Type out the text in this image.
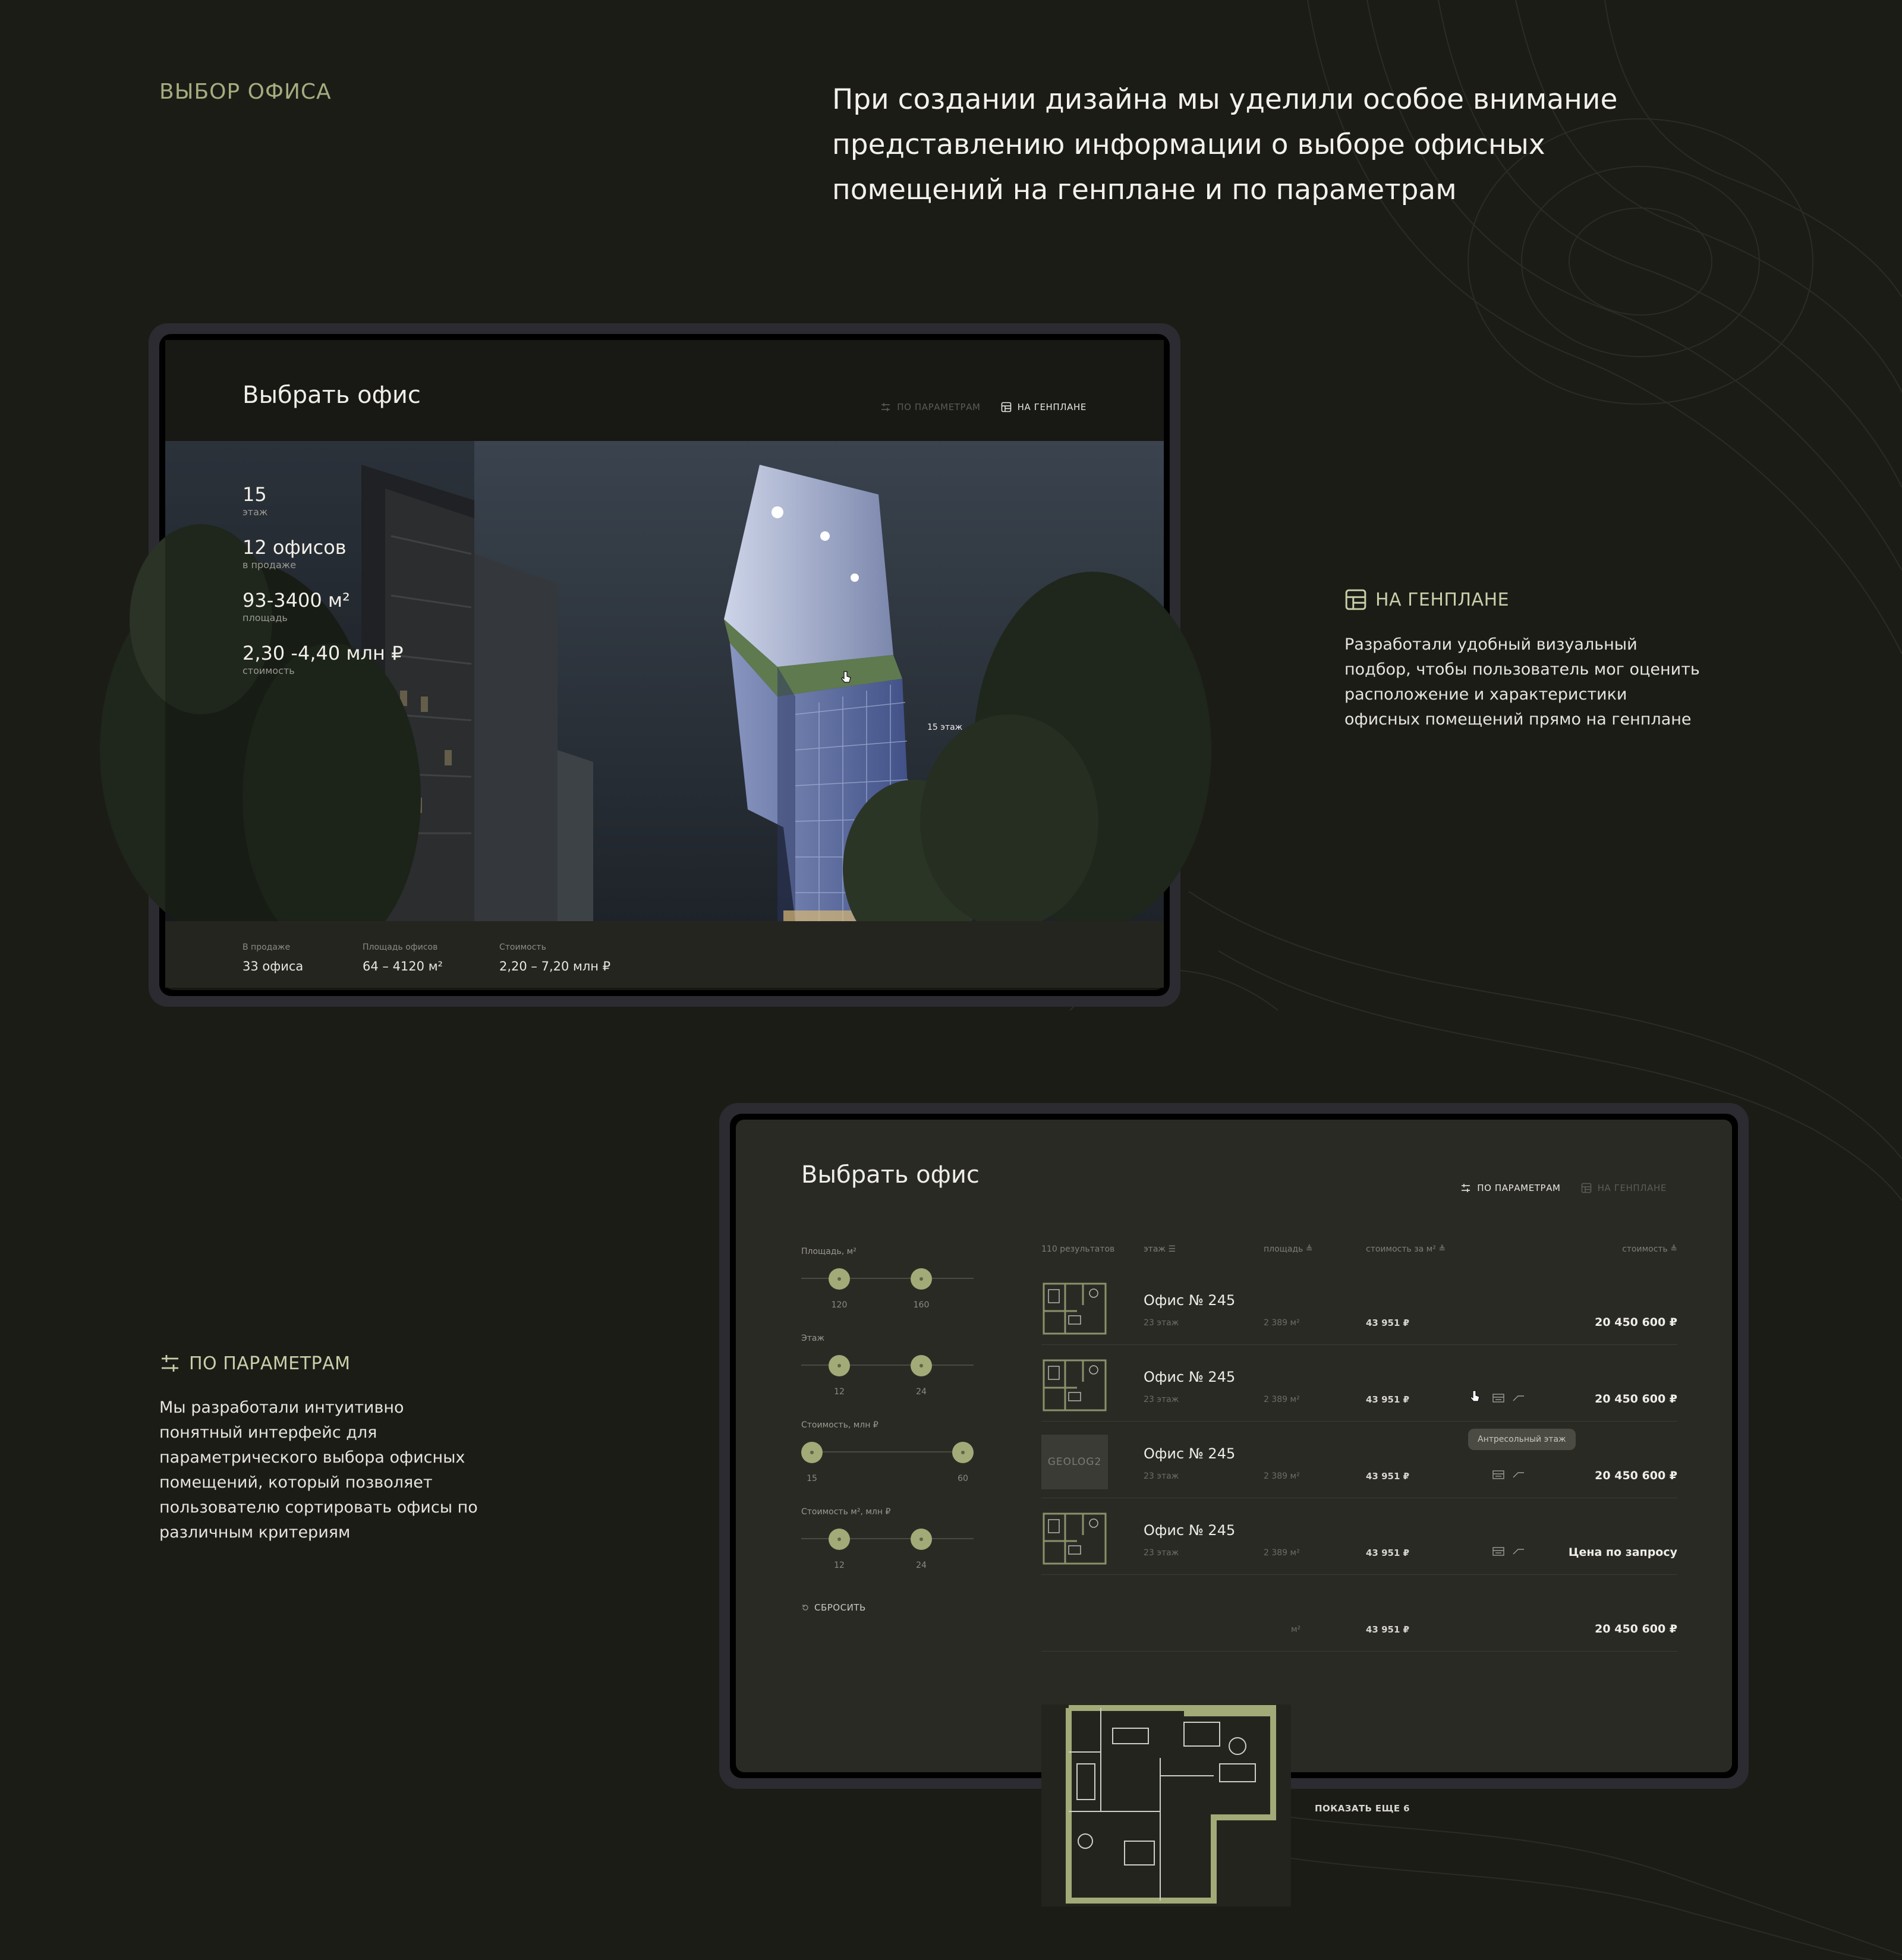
ВЫБОР ОФИСА	При создании дизайна мы уделили особое внимание представлению информации о выборе офисных помещений на генплане и по параметрам
Выбрать офис	ПО ПАРАМЕТРАМ	НА ГЕНПЛАНЕ
15
этаж
12 офисов
в продаже
93-3400 м²
площадь
2,30 -4,40 млн ₽
стоимость
15 этаж
В продаже
33 офиса
Площадь офисов
64 – 4120 м²
Стоимость
2,20 – 7,20 млн ₽
НА ГЕНПЛАНЕ
Разработали удобный визуальный подбор, чтобы пользователь мог оценить расположение и характеристики офисных помещений прямо на генплане
ПО ПАРАМЕТРАМ
Мы разработали интуитивно понятный интерфейс для параметрического выбора офисных помещений, который позволяет пользователю сортировать офисы по различным критериям
Выбрать офис	ПО ПАРАМЕТРАМ	НА ГЕНПЛАНЕ
Площадь, м²
120	160
Этаж
12	24
Стоимость, млн ₽
15	60
Стоимость м², млн ₽
12	24
СБРОСИТЬ
110 результатов	этаж ☰	площадь ≜	стоимость за м² ≜	стоимость ≜
Офис № 245
23 этаж	2 389 м²	43 951 ₽	20 450 600 ₽
Офис № 245
23 этаж	2 389 м²	43 951 ₽	20 450 600 ₽
GEOLOG2	Офис № 245
23 этаж	2 389 м²	43 951 ₽	20 450 600 ₽
Офис № 245
23 этаж	2 389 м²	43 951 ₽	Цена по запросу
м²	43 951 ₽	20 450 600 ₽
Антресольный этаж
ПОКАЗАТЬ ЕЩЕ 6
